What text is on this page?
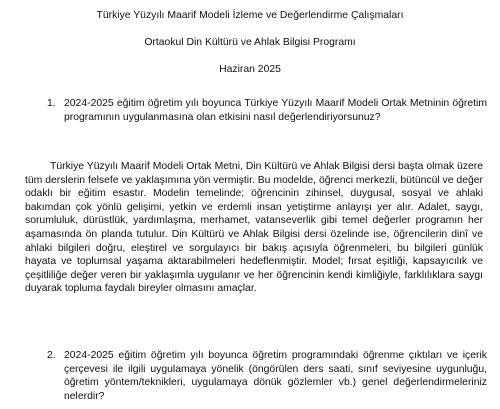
Türkiye Yüzyılı Maarif Modeli İzleme ve Değerlendirme Çalışmaları
Ortaokul Din Kültürü ve Ahlak Bilgisi Programı
Haziran 2025
1. 2024-2025 eğitim öğretim yılı boyunca Türkiye Yüzyılı Maarif Modeli Ortak Metninin öğretim programının uygulanmasına olan etkisini nasıl değerlendiriyorsunuz?

Türkiye Yüzyılı Maarif Modeli Ortak Metni, Din Kültürü ve Ahlak Bilgisi dersi başta olmak üzere tüm derslerin felsefe ve yaklaşımına yön vermiştir. Bu modelde, öğrenci merkezli, bütüncül ve değer odaklı bir eğitim esastır. Modelin temelinde; öğrencinin zihinsel, duygusal, sosyal ve ahlaki bakımdan çok yönlü gelişimi, yetkin ve erdemli insan yetiştirme anlayışı yer alır. Adalet, saygı, sorumluluk, dürüstlük, yardımlaşma, merhamet, vatanseverlik gibi temel değerler programın her aşamasında ön planda tutulur. Din Kültürü ve Ahlak Bilgisi dersi özelinde ise, öğrencilerin dinî ve ahlaki bilgileri doğru, eleştirel ve sorgulayıcı bir bakış açısıyla öğrenmeleri, bu bilgileri günlük hayata ve toplumsal yaşama aktarabilmeleri hedeflenmiştir. Model; fırsat eşitliği, kapsayıcılık ve çeşitliliğe değer veren bir yaklaşımla uygulanır ve her öğrencinin kendi kimliğiyle, farklılıklara saygı duyarak topluma faydalı bireyler olmasını amaçlar.

2. 2024-2025 eğitim öğretim yılı boyunca öğretim programındaki öğrenme çıktıları ve içerik çerçevesi ile ilgili uygulamaya yönelik (öngörülen ders saati, sınıf seviyesine uygunluğu, öğretim yöntem/teknikleri, uygulamaya dönük gözlemler vb.) genel değerlendirmeleriniz nelerdir?
